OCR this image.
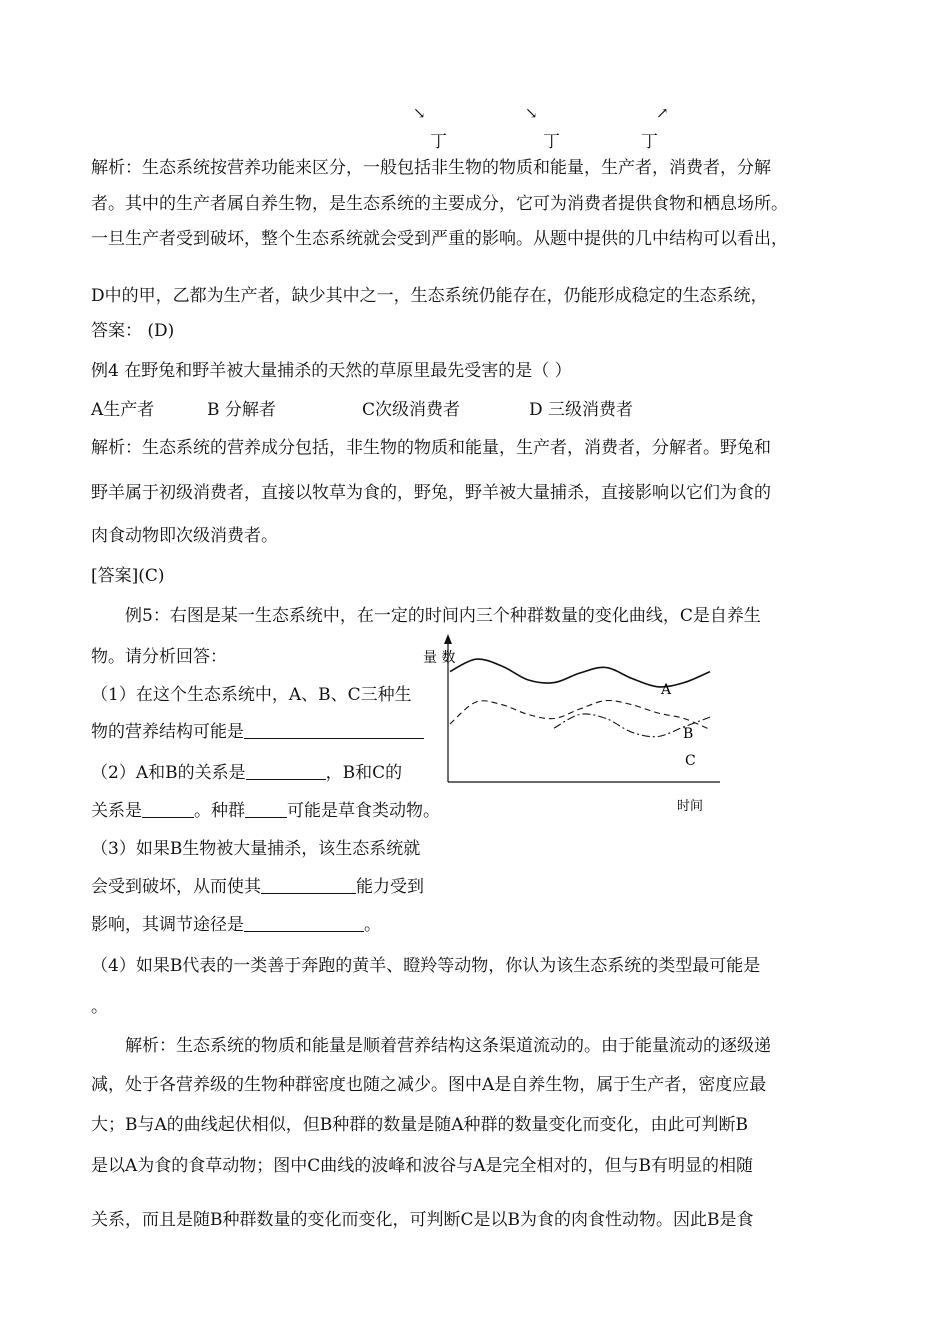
↘	↘	↗
丁	丁	丁
解析：生态系统按营养功能来区分，一般包括非生物的物质和能量，生产者，消费者，分解
者。其中的生产者属自养生物，是生态系统的主要成分，它可为消费者提供食物和栖息场所。
一旦生产者受到破坏，整个生态系统就会受到严重的影响。从题中提供的几中结构可以看出，
D中的甲，乙都为生产者，缺少其中之一，生态系统仍能存在，仍能形成稳定的生态系统，
答案： (D)
例4 在野兔和野羊被大量捕杀的天然的草原里最先受害的是（ ）
A生产者	B 分解者	C次级消费者	D 三级消费者
解析：生态系统的营养成分包括，非生物的物质和能量，生产者，消费者，分解者。野兔和
野羊属于初级消费者，直接以牧草为食的，野兔，野羊被大量捕杀，直接影响以它们为食的
肉食动物即次级消费者。
[答案](C)
例5：右图是某一生态系统中，在一定的时间内三个种群数量的变化曲线，C是自养生
物。请分析回答：
（1）在这个生态系统中，A、B、C三种生
物的营养结构可能是
（2）A和B的关系是	，B和C的
关系是	。种群 可能是草食类动物。
（3）如果B生物被大量捕杀，该生态系统就
会受到破坏，从而使其	能力受到
影响，其调节途径是	。
（4）如果B代表的一类善于奔跑的黄羊、瞪羚等动物，你认为该生态系统的类型最可能是
。
解析：生态系统的物质和能量是顺着营养结构这条渠道流动的。由于能量流动的逐级递
减，处于各营养级的生物种群密度也随之减少。图中A是自养生物，属于生产者，密度应最
大；B与A的曲线起伏相似，但B种群的数量是随A种群的数量变化而变化，由此可判断B
是以A为食的食草动物；图中C曲线的波峰和波谷与A是完全相对的，但与B有明显的相随
关系，而且是随B种群数量的变化而变化，可判断C是以B为食的肉食性动物。因此B是食
量 数
时间
A
B
C
